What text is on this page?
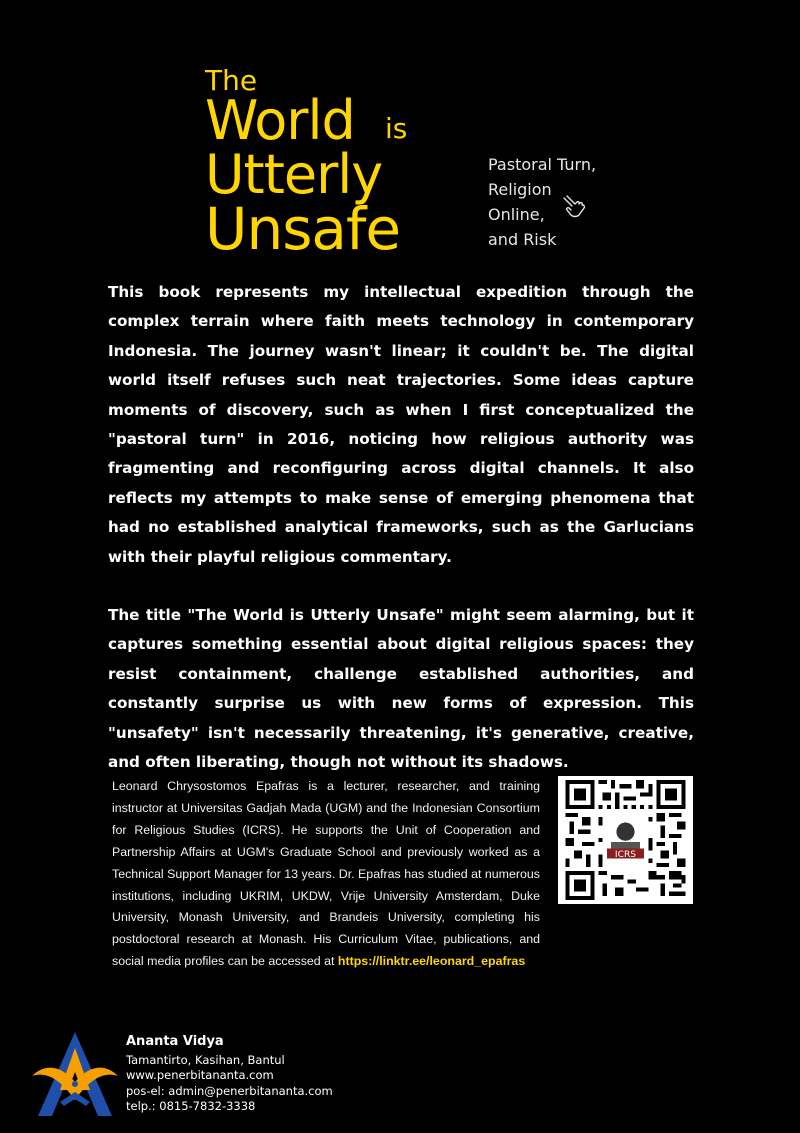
The
World is
Utterly
Unsafe
Pastoral Turn,
Religion
Online,
and Risk

This book represents my intellectual expedition through the complex terrain where faith meets technology in contemporary Indonesia. The journey wasn't linear; it couldn't be. The digital world itself refuses such neat trajectories. Some ideas capture moments of discovery, such as when I first conceptualized the "pastoral turn" in 2016, noticing how religious authority was fragmenting and reconfiguring across digital channels. It also reflects my attempts to make sense of emerging phenomena that had no established analytical frameworks, such as the Garlucians with their playful religious commentary.

The title "The World is Utterly Unsafe" might seem alarming, but it captures something essential about digital religious spaces: they resist containment, challenge established authorities, and constantly surprise us with new forms of expression. This "unsafety" isn't necessarily threatening, it's generative, creative, and often liberating, though not without its shadows.

Leonard Chrysostomos Epafras is a lecturer, researcher, and training instructor at Universitas Gadjah Mada (UGM) and the Indonesian Consortium for Religious Studies (ICRS). He supports the Unit of Cooperation and Partnership Affairs at UGM's Graduate School and previously worked as a Technical Support Manager for 13 years. Dr. Epafras has studied at numerous institutions, including UKRIM, UKDW, Vrije University Amsterdam, Duke University, Monash University, and Brandeis University, completing his postdoctoral research at Monash. His Curriculum Vitae, publications, and social media profiles can be accessed at https://linktr.ee/leonard_epafras
ICRS
Ananta Vidya
Tamantirto, Kasihan, Bantul
www.penerbitananta.com
pos-el: admin@penerbitananta.com
telp.: 0815-7832-3338
